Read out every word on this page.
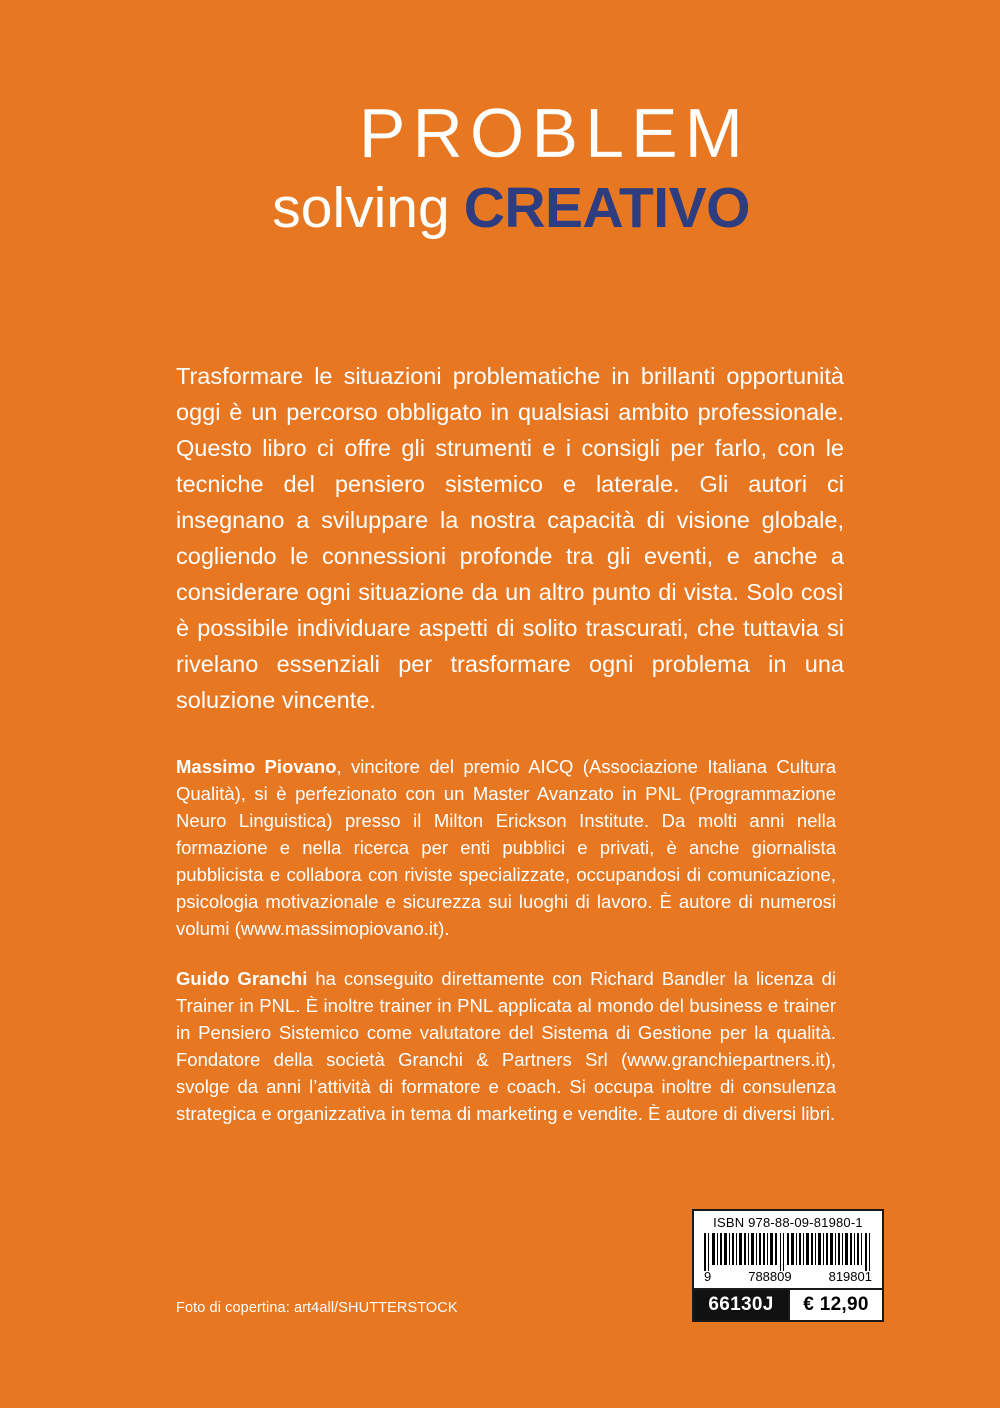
PROBLEM
solving CREATIVO

Trasformare le situazioni problematiche in brillanti opportunità oggi è un percorso obbligato in qualsiasi ambito professionale. Questo libro ci offre gli strumenti e i consigli per farlo, con le tecniche del pensiero sistemico e laterale. Gli autori ci insegnano a sviluppare la nostra capacità di visione globale, cogliendo le connessioni profonde tra gli eventi, e anche a considerare ogni situazione da un altro punto di vista. Solo così è possibile individuare aspetti di solito trascurati, che tuttavia si rivelano essenziali per trasformare ogni problema in una soluzione vincente.

Massimo Piovano, vincitore del premio AICQ (Associazione Italiana Cultura Qualità), si è perfezionato con un Master Avanzato in PNL (Programmazione Neuro Linguistica) presso il Milton Erickson Institute. Da molti anni nella formazione e nella ricerca per enti pubblici e privati, è anche giornalista pubblicista e collabora con riviste specializzate, occupandosi di comunicazione, psicologia motivazionale e sicurezza sui luoghi di lavoro. È autore di numerosi volumi (www.massimopiovano.it).

Guido Granchi ha conseguito direttamente con Richard Bandler la licenza di Trainer in PNL. È inoltre trainer in PNL applicata al mondo del business e trainer in Pensiero Sistemico come valutatore del Sistema di Gestione per la qualità. Fondatore della società Granchi & Partners Srl (www.granchiepartners.it), svolge da anni l’attività di formatore e coach. Si occupa inoltre di consulenza strategica e organizzativa in tema di marketing e vendite. È autore di diversi libri.

Foto di copertina: art4all/SHUTTERSTOCK
ISBN 978-88-09-81980-1
9	788809	819801
66130J	€ 12,90
